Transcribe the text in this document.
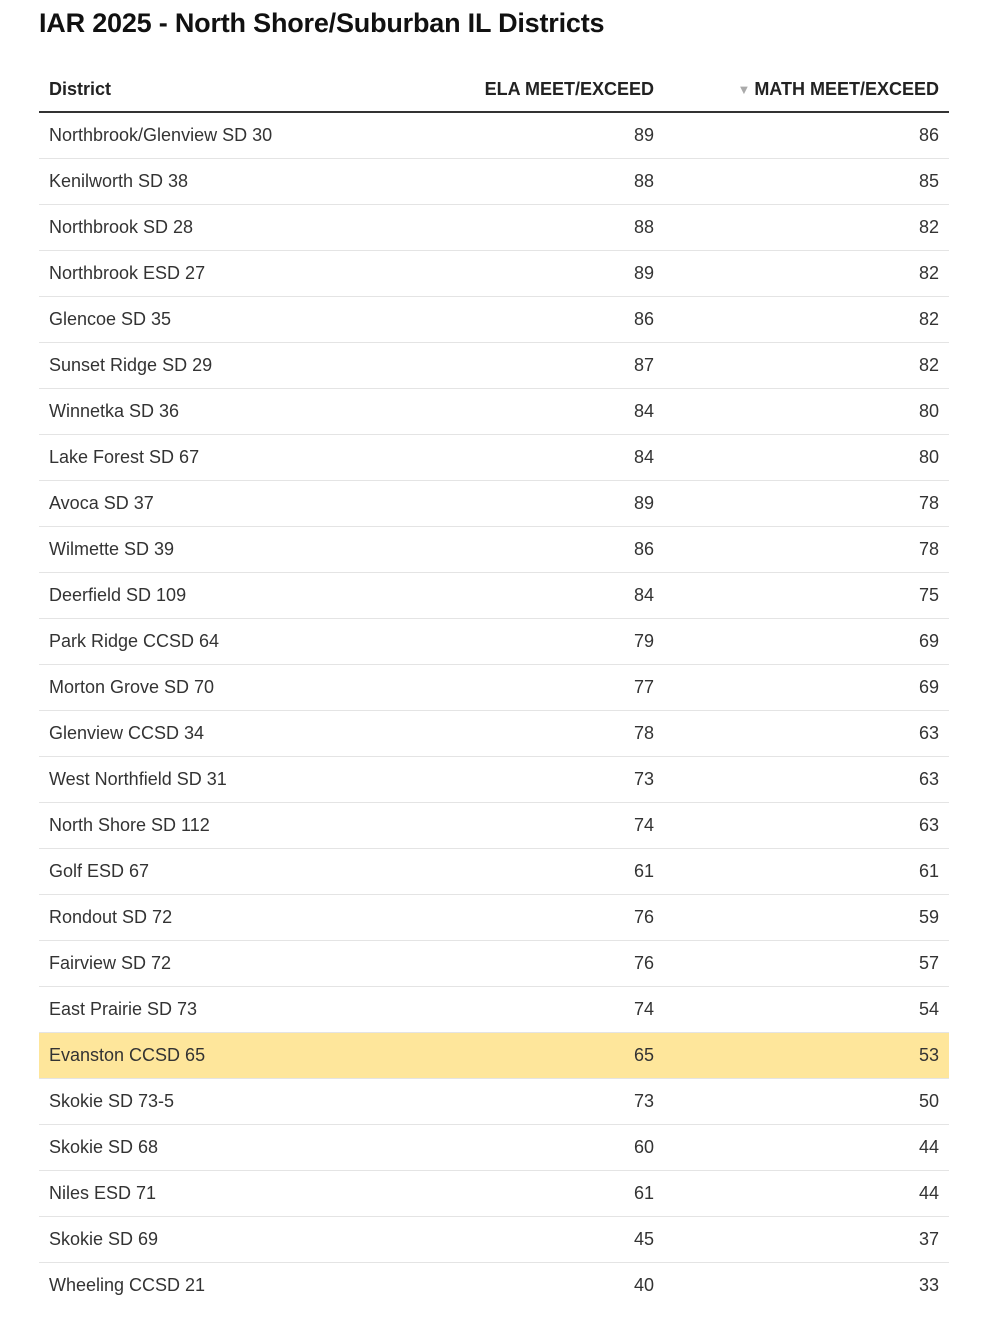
IAR 2025 - North Shore/Suburban IL Districts
District	ELA MEET/EXCEED	▼ MATH MEET/EXCEED
Northbrook/Glenview SD 30	89	86
Kenilworth SD 38	88	85
Northbrook SD 28	88	82
Northbrook ESD 27	89	82
Glencoe SD 35	86	82
Sunset Ridge SD 29	87	82
Winnetka SD 36	84	80
Lake Forest SD 67	84	80
Avoca SD 37	89	78
Wilmette SD 39	86	78
Deerfield SD 109	84	75
Park Ridge CCSD 64	79	69
Morton Grove SD 70	77	69
Glenview CCSD 34	78	63
West Northfield SD 31	73	63
North Shore SD 112	74	63
Golf ESD 67	61	61
Rondout SD 72	76	59
Fairview SD 72	76	57
East Prairie SD 73	74	54
Evanston CCSD 65	65	53
Skokie SD 73-5	73	50
Skokie SD 68	60	44
Niles ESD 71	61	44
Skokie SD 69	45	37
Wheeling CCSD 21	40	33
